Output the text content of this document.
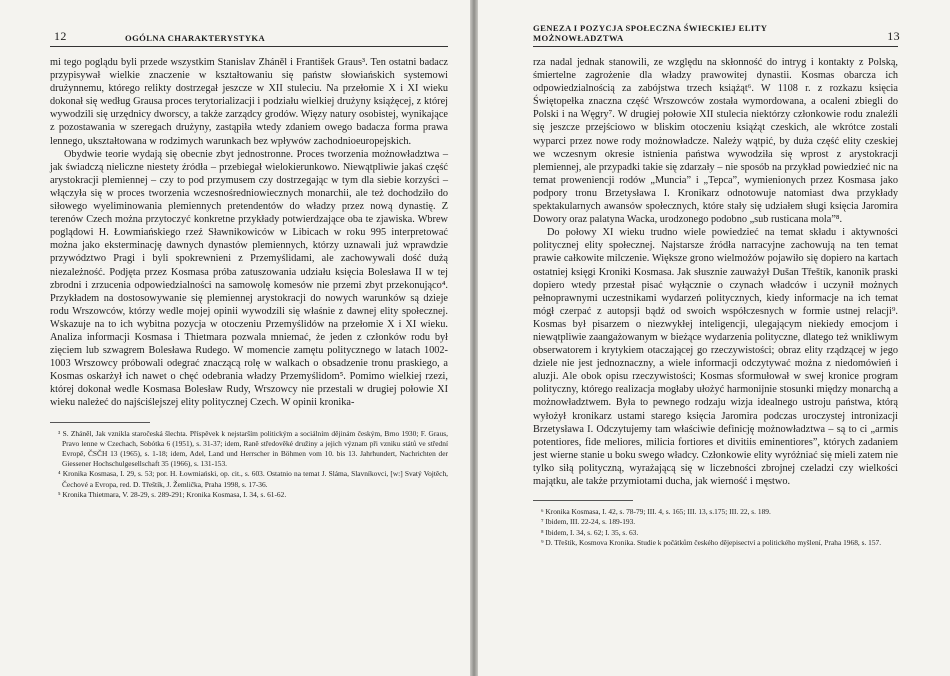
12	OGÓLNA CHARAKTERYSTYKA

mi tego poglądu byli przede wszystkim Stanislav Zháněl i František Graus³. Ten ostatni badacz przypisywał wielkie znaczenie w kształtowaniu się państw słowiańskich systemowi drużynnemu, którego relikty dostrzegał jeszcze w XII stuleciu. Na przełomie X i XI wieku dokonał się według Grausa proces terytorializacji i podziału wielkiej drużyny książęcej, z której wywodzili się urzędnicy dworscy, a także zarządcy grodów. Więzy natury osobistej, wynikające z pozostawania w szeregach drużyny, zastąpiła wtedy zdaniem owego badacza forma prawa lennego, ukształtowana w rodzimych warunkach bez wpływów zachodnioeuropejskich.

Obydwie teorie wydają się obecnie zbyt jednostronne. Proces tworzenia możnowładztwa – jak świadczą nieliczne niestety źródła – przebiegał wielokierunkowo. Niewątpliwie jakaś część arystokracji plemiennej – czy to pod przymusem czy dostrzegając w tym dla siebie korzyści – włączyła się w proces tworzenia wczesnośredniowiecznych monarchii, ale też dochodziło do siłowego wyeliminowania plemiennych pretendentów do władzy przez nową dynastię. Z terenów Czech można przytoczyć konkretne przykłady potwierdzające oba te zjawiska. Wbrew poglądowi H. Łowmiańskiego rzeź Sławnikowiców w Libicach w roku 995 interpretować można jako eksterminację dawnych dynastów plemiennych, którzy uznawali już wprawdzie przywództwo Pragi i byli spokrewnieni z Przemyślidami, ale zachowywali dość dużą niezależność. Podjęta przez Kosmasa próba zatuszowania udziału księcia Bolesława II w tej zbrodni i zrzucenia odpowiedzialności na samowolę komesów nie przemi zbyt przekonująco⁴. Przykładem na dostosowywanie się plemiennej arystokracji do nowych warunków są dzieje rodu Wrszowców, którzy wedle mojej opinii wywodzili się właśnie z dawnej elity społecznej. Wskazuje na to ich wybitna pozycja w otoczeniu Przemyślidów na przełomie X i XI wieku. Analiza informacji Kosmasa i Thietmara pozwala mniemać, że jeden z członków rodu był zięciem lub szwagrem Bolesława Rudego. W momencie zamętu politycznego w latach 1002-1003 Wrszowcy próbowali odegrać znaczącą rolę w walkach o obsadzenie tronu praskiego, a Kosmas oskarżył ich nawet o chęć odebrania władzy Przemyślidom⁵. Pomimo wielkiej rzezi, której dokonał wedle Kosmasa Bolesław Rudy, Wrszowcy nie przestali w drugiej połowie XI wieku należeć do najściślejszej elity politycznej Czech. W opinii kronika-

³ S. Zháněl, Jak vznikla staročeská šlechta. Příspěvek k nejstarším politickým a sociálním dějinám českým, Brno 1930; F. Graus, Pravo lenne w Czechach, Sobótka 6 (1951), s. 31-37; idem, Raně středověké družiny a jejich význam při vzniku států ve střední Evropě, ČSČH 13 (1965), s. 1-18; idem, Adel, Land und Herrscher in Böhmen vom 10. bis 13. Jahrhundert, Nachrichten der Giessener Hochschulgesellschaft 35 (1966), s. 131-153.

⁴ Kronika Kosmasa, I. 29, s. 53; por. H. Łowmiański, op. cit., s. 603. Ostatnio na temat J. Sláma, Slavníkovci, [w:] Svatý Vojtěch, Čechové a Evropa, red. D. Třeštík, J. Žemlička, Praha 1998, s. 17-36.

⁵ Kronika Thietmara, V. 28-29, s. 289-291; Kronika Kosmasa, I. 34, s. 61-62.

GENEZA I POZYCJA SPOŁECZNA ŚWIECKIEJ ELITY MOŻNOWŁADZTWA	13

rza nadal jednak stanowili, ze względu na skłonność do intryg i kontakty z Polską, śmiertelne zagrożenie dla władzy prawowitej dynastii. Kosmas obarcza ich odpowiedzialnością za zabójstwa trzech książąt⁶. W 1108 r. z rozkazu księcia Świętopełka znaczna część Wrszowców została wymordowana, a ocaleni zbiegli do Polski i na Węgry⁷. W drugiej połowie XII stulecia niektórzy członkowie rodu znaleźli się jeszcze przejściowo w bliskim otoczeniu książąt czeskich, ale wkrótce zostali wyparci przez nowe rody możnowładcze. Należy wątpić, by duża część elity czeskiej we wczesnym okresie istnienia państwa wywodziła się wprost z arystokracji plemiennej, ale przypadki takie się zdarzały – nie sposób na przykład powiedzieć nic na temat proweniencji rodów „Muncia” i „Tepca”, wymienionych przez Kosmasa jako podpory tronu Brzetysława I. Kronikarz odnotowuje natomiast dwa przykłady spektakularnych awansów społecznych, które stały się udziałem sługi księcia Jaromira Dowory oraz palatyna Wacka, urodzonego podobno „sub rusticana mola”⁸.

Do połowy XI wieku trudno wiele powiedzieć na temat składu i aktywności politycznej elity społecznej. Najstarsze źródła narracyjne zachowują na ten temat prawie całkowite milczenie. Większe grono wielmożów pojawiło się dopiero na kartach ostatniej księgi Kroniki Kosmasa. Jak słusznie zauważył Dušan Třeštík, kanonik praski dopiero wtedy przestał pisać wyłącznie o czynach władców i uczynił możnych pełnoprawnymi uczestnikami wydarzeń politycznych, kiedy informacje na ich temat mógł czerpać z autopsji bądź od swoich współczesnych w formie ustnej relacji⁹. Kosmas był pisarzem o niezwykłej inteligencji, ulegającym niekiedy emocjom i niewątpliwie zaangażowanym w bieżące wydarzenia polityczne, dlatego też wnikliwym obserwatorem i krytykiem otaczającej go rzeczywistości; obraz elity rządzącej w jego dziele nie jest jednoznaczny, a wiele informacji odczytywać można z niedomówień i aluzji. Ale obok opisu rzeczywistości; Kosmas sformułował w swej kronice program polityczny, którego realizacja mogłaby ułożyć harmonijnie stosunki między monarchą a możnowładztwem. Była to pewnego rodzaju wizja idealnego ustroju państwa, którą wyłożył kronikarz ustami starego księcia Jaromira podczas uroczystej intronizacji Brzetysława I. Odczytujemy tam właściwie definicję możnowładztwa – są to ci „armis potentiores, fide meliores, milicia fortiores et divitiis eminentiores”, których zadaniem jest wierne stanie u boku swego władcy. Członkowie elity wyróżniać się mieli zatem nie tylko siłą polityczną, wyrażającą się w liczebności zbrojnej czeladzi czy wielkości majątku, ale także przymiotami ducha, jak wierność i męstwo.

⁶ Kronika Kosmasa, I. 42, s. 78-79; III. 4, s. 165; III. 13, s.175; III. 22, s. 189.

⁷ Ibidem, III. 22-24, s. 189-193.

⁸ Ibidem, I. 34, s. 62; I. 35, s. 63.

⁹ D. Třeštík, Kosmova Kronika. Studie k počátkům českého dějepisectví a politického myšlení, Praha 1968, s. 157.
